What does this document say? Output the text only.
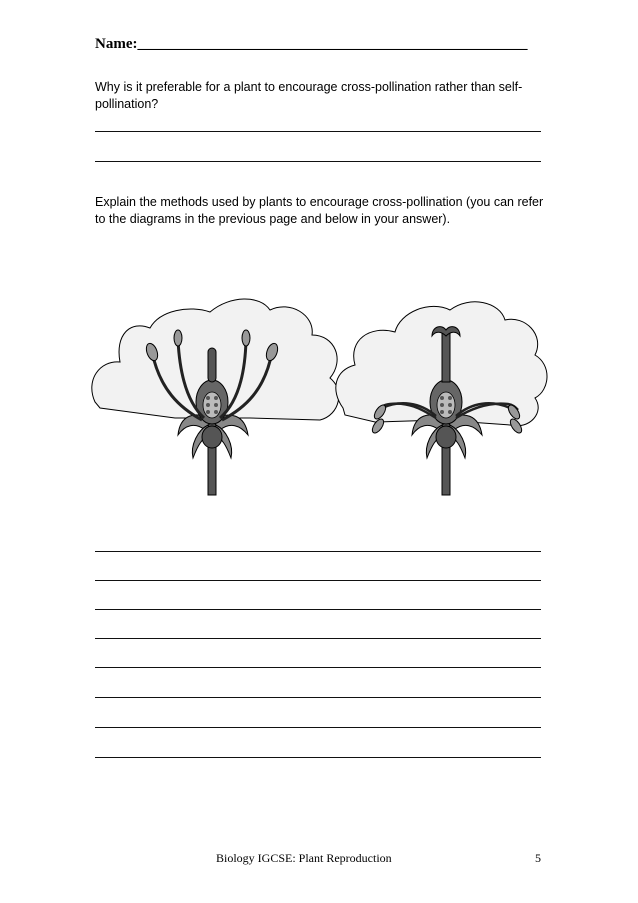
Name:____________________________________________________
Why is it preferable for a plant to encourage cross-pollination rather than self-pollination?
Explain the methods used by plants to encourage cross-pollination (you can refer to the diagrams in the previous page and below in your answer).
Biology IGCSE: Plant Reproduction	5
